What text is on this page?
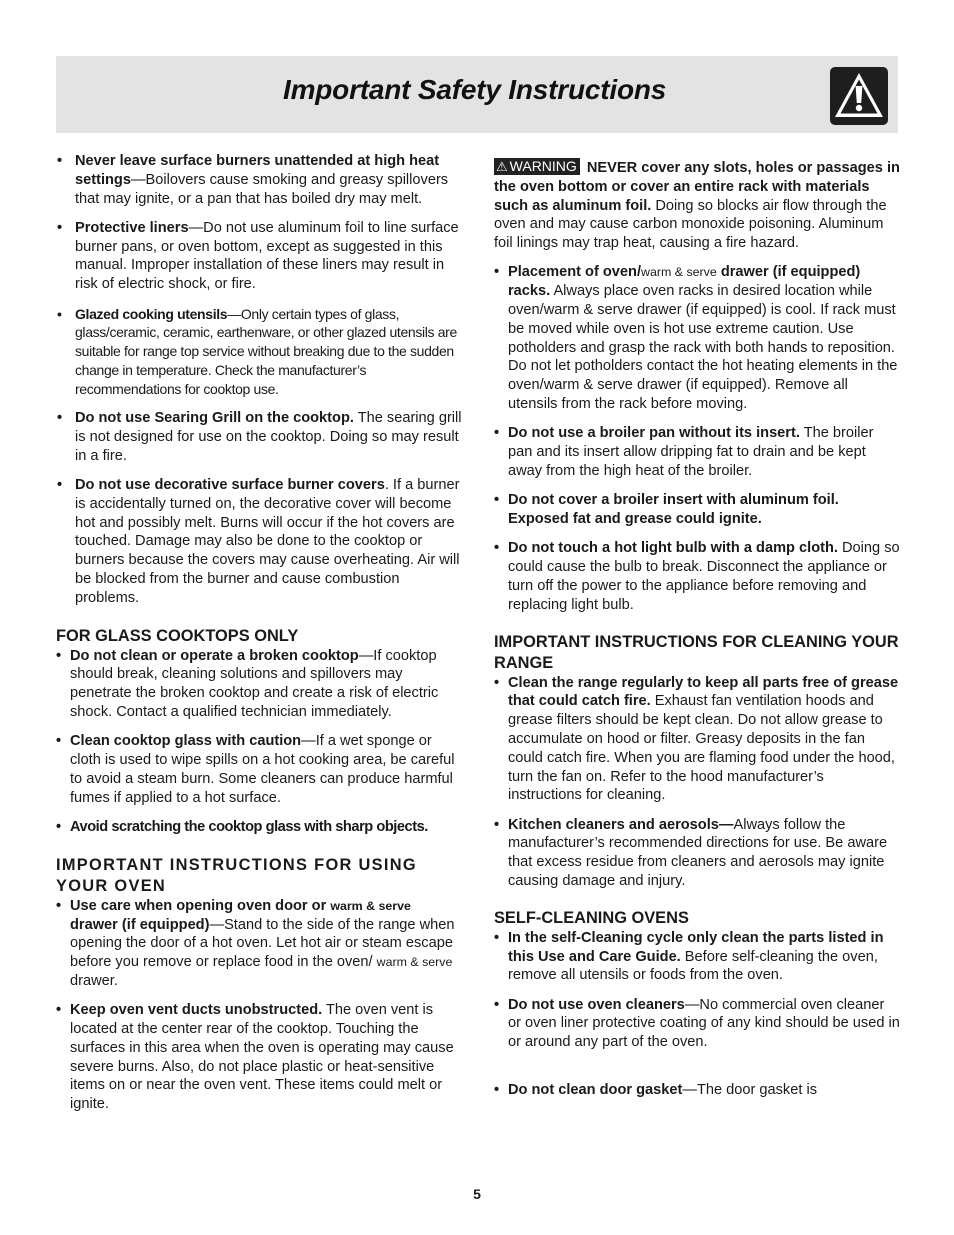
Important Safety Instructions

• Never leave surface burners unattended at high heat settings—Boilovers cause smoking and greasy spillovers that may ignite, or a pan that has boiled dry may melt.

• Protective liners—Do not use aluminum foil to line surface burner pans, or oven bottom, except as suggested in this manual. Improper installation of these liners may result in risk of electric shock, or fire.

• Glazed cooking utensils—Only certain types of glass, glass/ceramic, ceramic, earthenware, or other glazed utensils are suitable for range top service without breaking due to the sudden change in temperature. Check the manufacturer’s recommendations for cooktop use.

• Do not use Searing Grill on the cooktop. The searing grill is not designed for use on the cooktop. Doing so may result in a fire.

• Do not use decorative surface burner covers. If a burner is accidentally turned on, the decorative cover will become hot and possibly melt. Burns will occur if the hot covers are touched. Damage may also be done to the cooktop or burners because the covers may cause overheating. Air will be blocked from the burner and cause combustion problems.

FOR GLASS COOKTOPS ONLY

• Do not clean or operate a broken cooktop—If cooktop should break, cleaning solutions and spillovers may penetrate the broken cooktop and create a risk of electric shock. Contact a qualified technician immediately.

• Clean cooktop glass with caution—If a wet sponge or cloth is used to wipe spills on a hot cooking area, be careful to avoid a steam burn. Some cleaners can produce harmful fumes if applied to a hot surface.

• Avoid scratching the cooktop glass with sharp objects.

IMPORTANT INSTRUCTIONS FOR USING YOUR OVEN

• Use care when opening oven door or warm & serve drawer (if equipped)—Stand to the side of the range when opening the door of a hot oven. Let hot air or steam escape before you remove or replace food in the oven/ warm & serve drawer.

• Keep oven vent ducts unobstructed. The oven vent is located at the center rear of the cooktop. Touching the surfaces in this area when the oven is operating may cause severe burns. Also, do not place plastic or heat-sensitive items on or near the oven vent. These items could melt or ignite.

⚠ WARNING NEVER cover any slots, holes or passages in the oven bottom or cover an entire rack with materials such as aluminum foil. Doing so blocks air flow through the oven and may cause carbon monoxide poisoning. Aluminum foil linings may trap heat, causing a fire hazard.

• Placement of oven/warm & serve drawer (if equipped) racks. Always place oven racks in desired location while oven/warm & serve drawer (if equipped) is cool. If rack must be moved while oven is hot use extreme caution. Use potholders and grasp the rack with both hands to reposition. Do not let potholders contact the hot heating elements in the oven/warm & serve drawer (if equipped). Remove all utensils from the rack before moving.

• Do not use a broiler pan without its insert. The broiler pan and its insert allow dripping fat to drain and be kept away from the high heat of the broiler.

• Do not cover a broiler insert with aluminum foil. Exposed fat and grease could ignite.

• Do not touch a hot light bulb with a damp cloth. Doing so could cause the bulb to break. Disconnect the appliance or turn off the power to the appliance before removing and replacing light bulb.

IMPORTANT INSTRUCTIONS FOR CLEANING YOUR RANGE

• Clean the range regularly to keep all parts free of grease that could catch fire. Exhaust fan ventilation hoods and grease filters should be kept clean. Do not allow grease to accumulate on hood or filter. Greasy deposits in the fan could catch fire. When you are flaming food under the hood, turn the fan on. Refer to the hood manufacturer’s instructions for cleaning.

• Kitchen cleaners and aerosols—Always follow the manufacturer’s recommended directions for use. Be aware that excess residue from cleaners and aerosols may ignite causing damage and injury.

SELF-CLEANING OVENS

• In the self-Cleaning cycle only clean the parts listed in this Use and Care Guide. Before self-cleaning the oven, remove all utensils or foods from the oven.

• Do not use oven cleaners—No commercial oven cleaner or oven liner protective coating of any kind should be used in or around any part of the oven.

• Do not clean door gasket—The door gasket is

5
